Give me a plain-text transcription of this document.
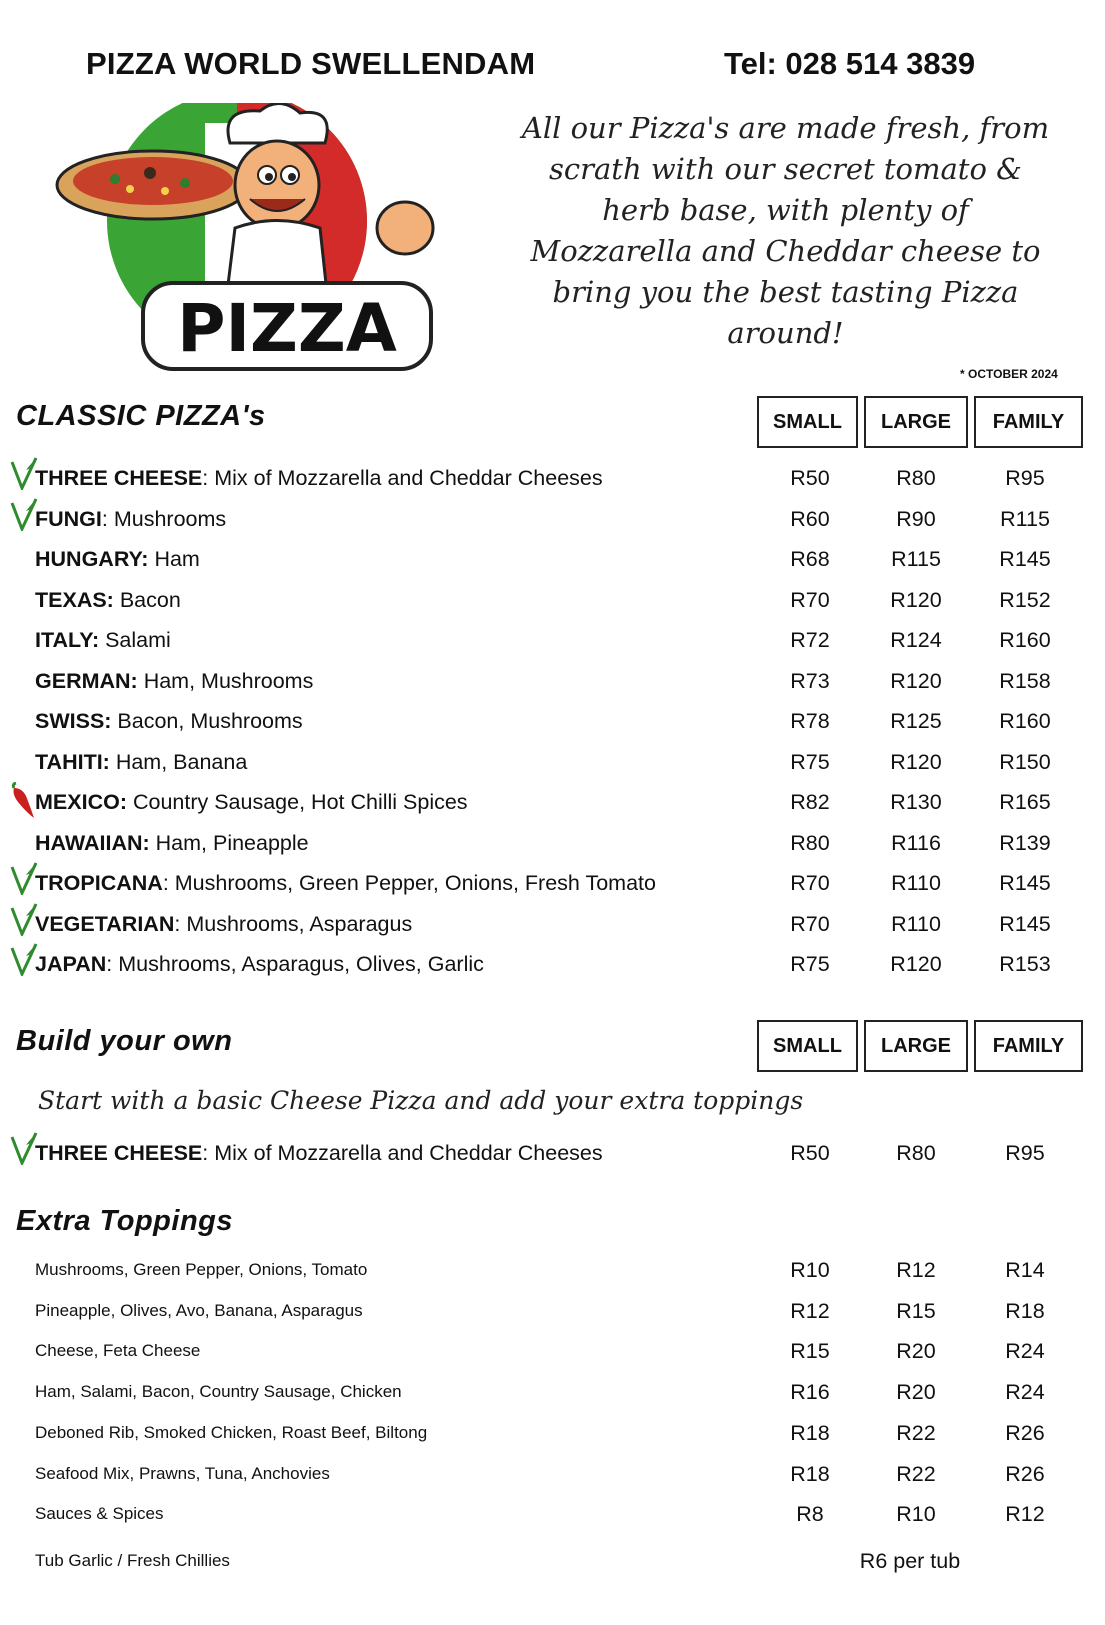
PIZZA WORLD SWELLENDAM	Tel: 028 514 3839
PIZZA
All our Pizza's are made fresh, from
scrath with our secret tomato &
herb base, with plenty of
Mozzarella and Cheddar cheese to
bring you the best tasting Pizza
around!
* OCTOBER 2024
CLASSIC PIZZA's	SMALL	LARGE	FAMILY
THREE CHEESE: Mix of Mozzarella and Cheddar Cheeses	R50	R80	R95
FUNGI: Mushrooms	R60	R90	R115
HUNGARY: Ham	R68	R115	R145
TEXAS: Bacon	R70	R120	R152
ITALY: Salami	R72	R124	R160
GERMAN: Ham, Mushrooms	R73	R120	R158
SWISS: Bacon, Mushrooms	R78	R125	R160
TAHITI: Ham, Banana	R75	R120	R150
MEXICO: Country Sausage, Hot Chilli Spices	R82	R130	R165
HAWAIIAN: Ham, Pineapple	R80	R116	R139
TROPICANA: Mushrooms, Green Pepper, Onions, Fresh Tomato	R70	R110	R145
VEGETARIAN: Mushrooms, Asparagus	R70	R110	R145
JAPAN: Mushrooms, Asparagus, Olives, Garlic	R75	R120	R153
Build your own	SMALL	LARGE	FAMILY
Start with a basic Cheese Pizza and add your extra toppings
THREE CHEESE: Mix of Mozzarella and Cheddar Cheeses	R50	R80	R95
Extra Toppings
Mushrooms, Green Pepper, Onions, Tomato	R10	R12	R14
Pineapple, Olives, Avo, Banana, Asparagus	R12	R15	R18
Cheese, Feta Cheese	R15	R20	R24
Ham, Salami, Bacon, Country Sausage, Chicken	R16	R20	R24
Deboned Rib, Smoked Chicken, Roast Beef, Biltong	R18	R22	R26
Seafood Mix, Prawns, Tuna, Anchovies	R18	R22	R26
Sauces & Spices	R8	R10	R12
Tub Garlic / Fresh Chillies	R6 per tub
